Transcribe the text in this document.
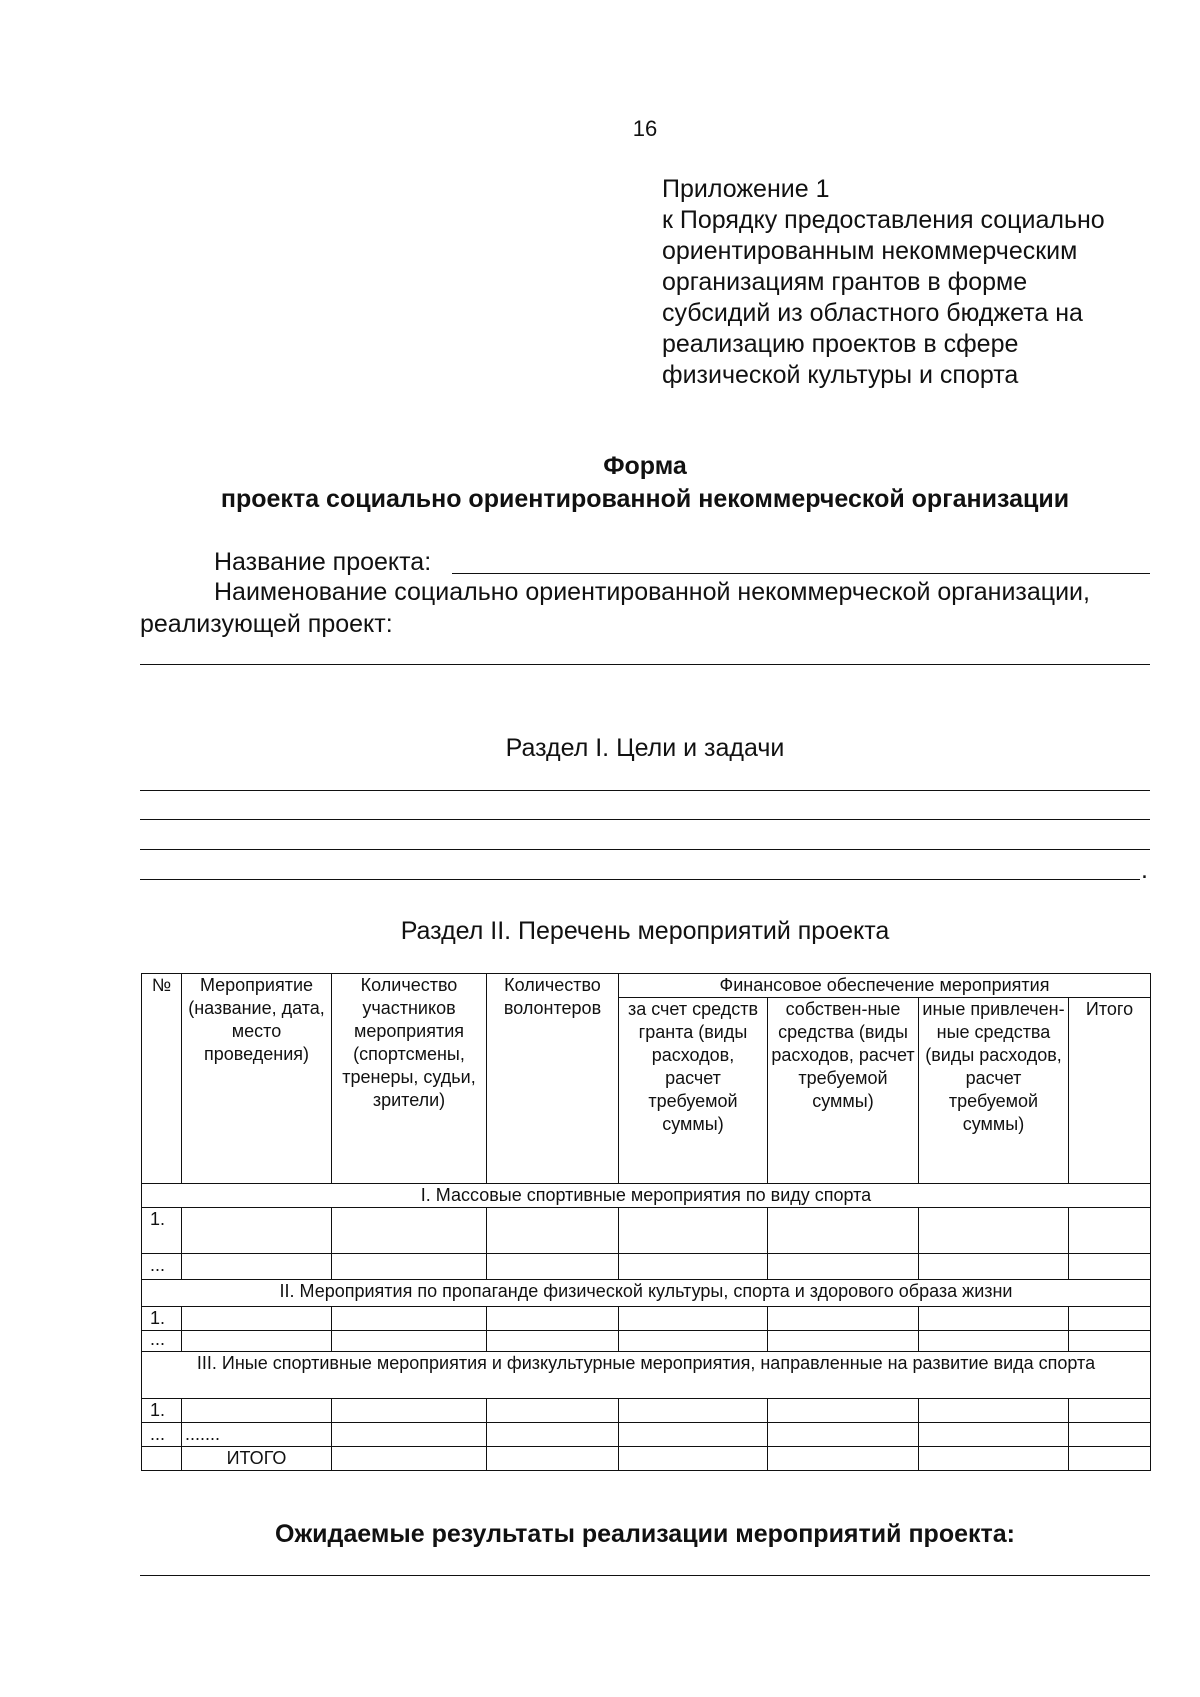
16
Приложение 1
к Порядку предоставления социально
ориентированным некоммерческим
организациям грантов в форме
субсидий из областного бюджета на
реализацию проектов в сфере
физической культуры и спорта
Форма
проекта социально ориентированной некоммерческой организации
Название проекта:
Наименование социально ориентированной некоммерческой организации,
реализующей проект:
Раздел I. Цели и задачи
.
Раздел II. Перечень мероприятий проекта
№	Мероприятие (название, дата, место проведения)	Количество участников мероприятия (спортсмены, тренеры, судьи, зрители)	Количество волонтеров	Финансовое обеспечение мероприятия			
				за счет средств гранта (виды расходов, расчет требуемой суммы)	собствен-ные средства (виды расходов, расчет требуемой суммы)	иные привлечен-ные средства (виды расходов, расчет требуемой суммы)	Итого
I. Массовые спортивные мероприятия по виду спорта							
1.							
...							
II. Мероприятия по пропаганде физической культуры, спорта и здорового образа жизни							
1.							
...							
III. Иные спортивные мероприятия и физкультурные мероприятия, направленные на развитие вида спорта							
1.							
...	.......						
	ИТОГО						
Ожидаемые результаты реализации мероприятий проекта:
